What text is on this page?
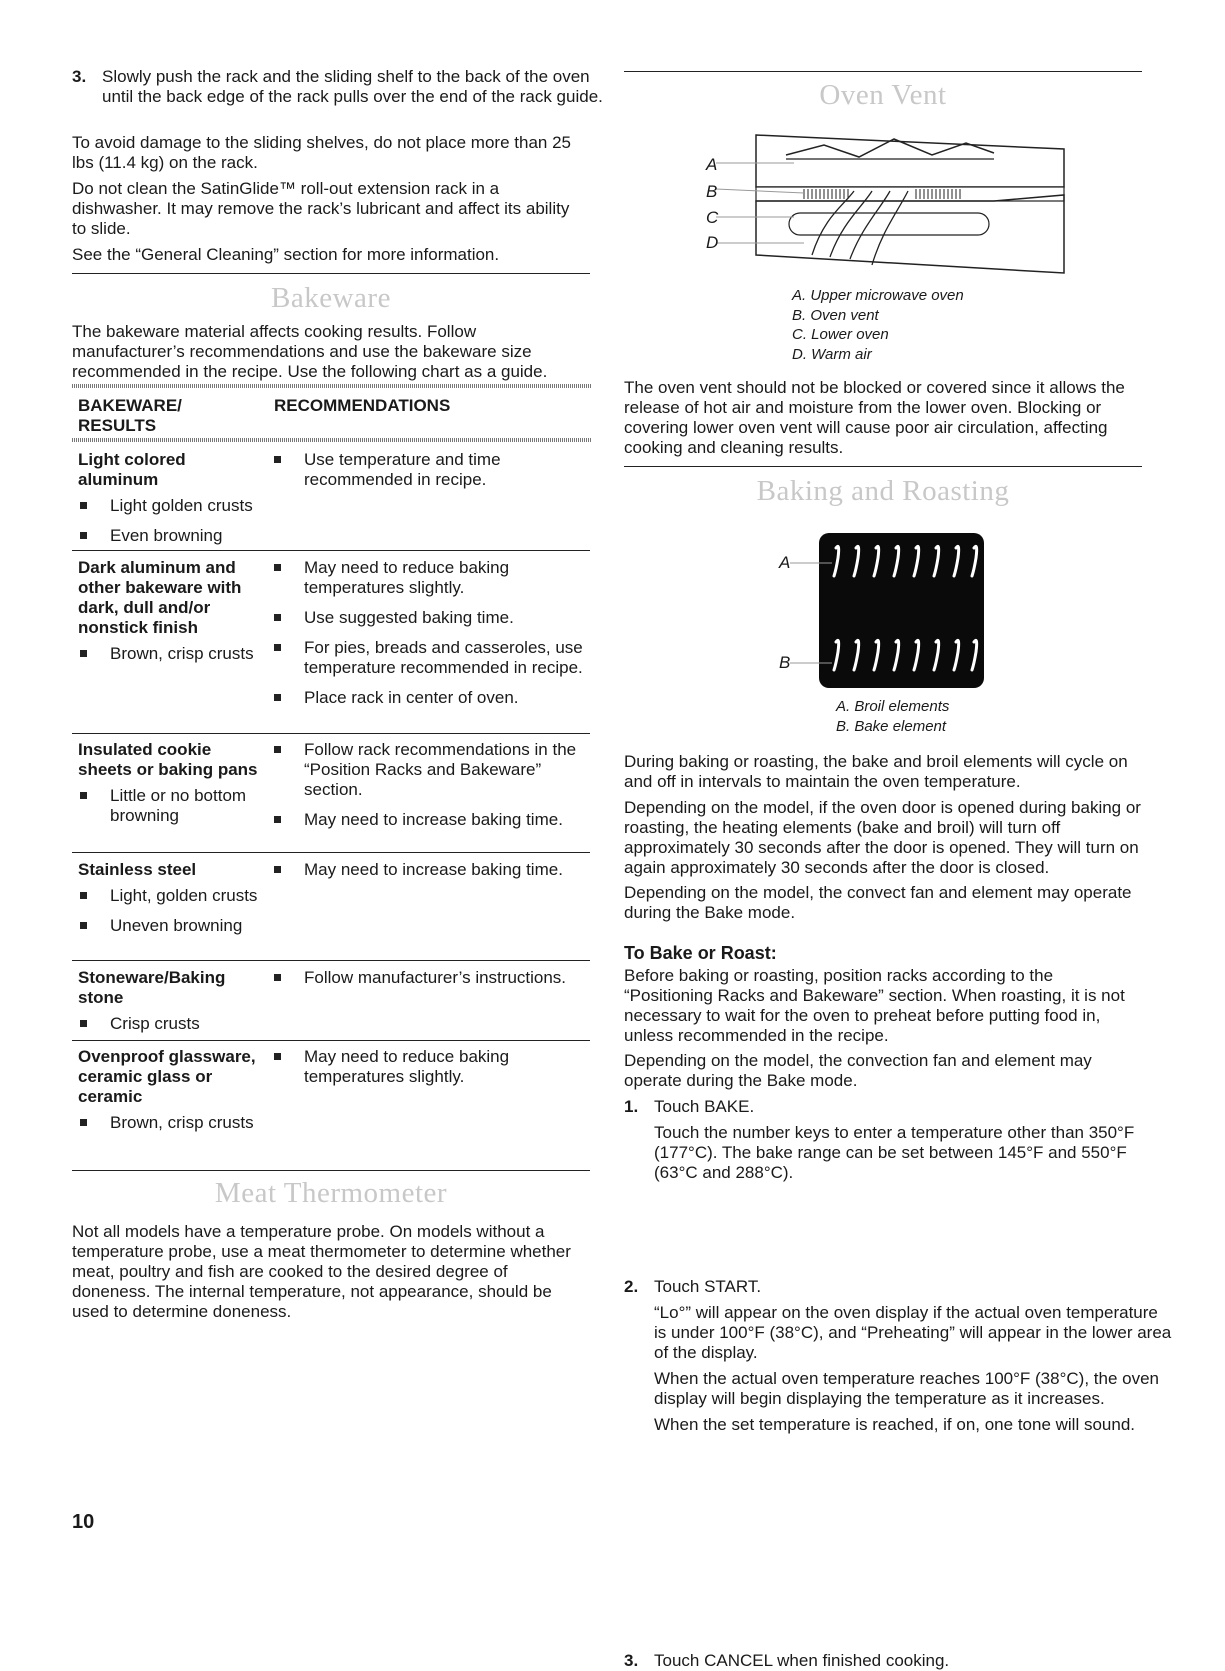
3. Slowly push the rack and the sliding shelf to the back of the oven until the back edge of the rack pulls over the end of the rack guide.

To avoid damage to the sliding shelves, do not place more than 25 lbs (11.4 kg) on the rack.

Do not clean the SatinGlide™ roll-out extension rack in a dishwasher. It may remove the rack’s lubricant and affect its ability to slide.

See the “General Cleaning” section for more information.

Bakeware

The bakeware material affects cooking results. Follow manufacturer’s recommendations and use the bakeware size recommended in the recipe. Use the following chart as a guide.

BAKEWARE/ RESULTS
RECOMMENDATIONS
Light colored aluminum
Light golden crusts
Even browning
Use temperature and time recommended in recipe.
Dark aluminum and other bakeware with dark, dull and/or nonstick finish
Brown, crisp crusts
May need to reduce baking temperatures slightly.
Use suggested baking time.
For pies, breads and casseroles, use temperature recommended in recipe.
Place rack in center of oven.
Insulated cookie sheets or baking pans
Little or no bottom browning
Follow rack recommendations in the “Position Racks and Bakeware” section.
May need to increase baking time.
Stainless steel
Light, golden crusts
Uneven browning
May need to increase baking time.
Stoneware/Baking stone
Crisp crusts
Follow manufacturer’s instructions.
Ovenproof glassware, ceramic glass or ceramic
Brown, crisp crusts
May need to reduce baking temperatures slightly.
Meat Thermometer

Not all models have a temperature probe. On models without a temperature probe, use a meat thermometer to determine whether meat, poultry and fish are cooked to the desired degree of doneness. The internal temperature, not appearance, should be used to determine doneness.

10
Oven Vent
A
B
C
D
A. Upper microwave oven
B. Oven vent
C. Lower oven
D. Warm air

The oven vent should not be blocked or covered since it allows the release of hot air and moisture from the lower oven. Blocking or covering lower oven vent will cause poor air circulation, affecting cooking and cleaning results.

Baking and Roasting
A
B
A. Broil elements
B. Bake element

During baking or roasting, the bake and broil elements will cycle on and off in intervals to maintain the oven temperature.

Depending on the model, if the oven door is opened during baking or roasting, the heating elements (bake and broil) will turn off approximately 30 seconds after the door is opened. They will turn on again approximately 30 seconds after the door is closed.

Depending on the model, the convect fan and element may operate during the Bake mode.

To Bake or Roast:

Before baking or roasting, position racks according to the “Positioning Racks and Bakeware” section. When roasting, it is not necessary to wait for the oven to preheat before putting food in, unless recommended in the recipe.

Depending on the model, the convection fan and element may operate during the Bake mode.

1. Touch BAKE.
Touch the number keys to enter a temperature other than 350°F (177°C). The bake range can be set between 145°F and 550°F (63°C and 288°C).
2. Touch START.
“Lo°” will appear on the oven display if the actual oven temperature is under 100°F (38°C), and “Preheating” will appear in the lower area of the display.
When the actual oven temperature reaches 100°F (38°C), the oven display will begin displaying the temperature as it increases.
When the set temperature is reached, if on, one tone will sound.
3. Touch CANCEL when finished cooking.
